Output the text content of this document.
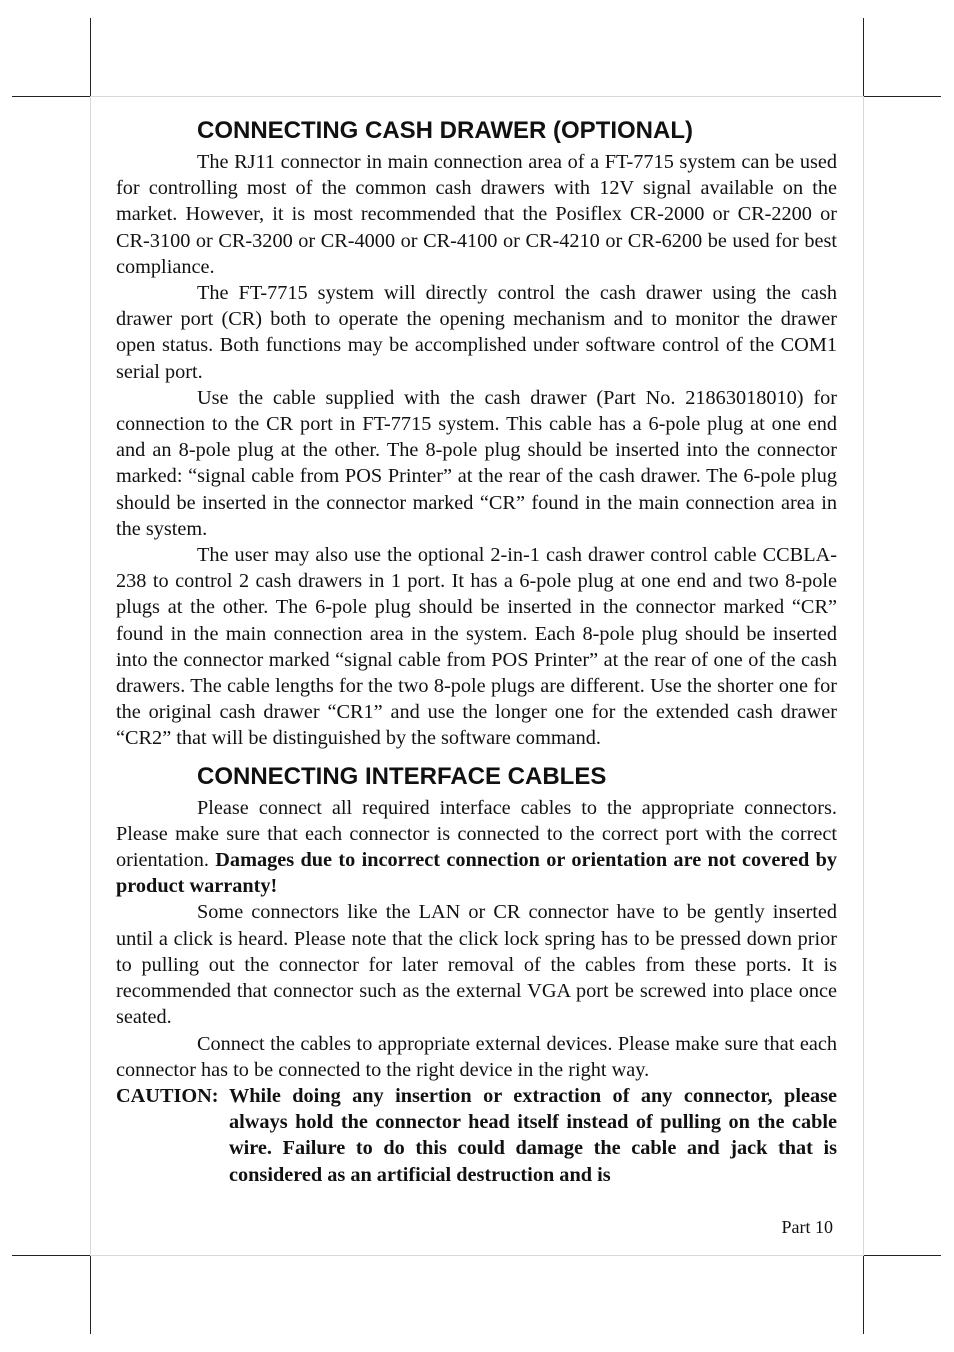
CONNECTING CASH DRAWER (OPTIONAL)

The RJ11 connector in main connection area of a FT-7715 system can be used for controlling most of the common cash drawers with 12V signal available on the market. However, it is most recommended that the Posiflex CR-2000 or CR-2200 or CR-3100 or CR-3200 or CR-4000 or CR-4100 or CR-4210 or CR-6200 be used for best compliance.

The FT-7715 system will directly control the cash drawer using the cash drawer port (CR) both to operate the opening mechanism and to monitor the drawer open status. Both functions may be accomplished under software control of the COM1 serial port.

Use the cable supplied with the cash drawer (Part No. 21863018010) for connection to the CR port in FT-7715 system. This cable has a 6-pole plug at one end and an 8-pole plug at the other. The 8-pole plug should be inserted into the connector marked: “signal cable from POS Printer” at the rear of the cash drawer. The 6-pole plug should be inserted in the connector marked “CR” found in the main connection area in the system.

The user may also use the optional 2-in-1 cash drawer control cable CCBLA-238 to control 2 cash drawers in 1 port. It has a 6-pole plug at one end and two 8-pole plugs at the other. The 6-pole plug should be inserted in the connector marked “CR” found in the main connection area in the system. Each 8-pole plug should be inserted into the connector marked “signal cable from POS Printer” at the rear of one of the cash drawers. The cable lengths for the two 8-pole plugs are different. Use the shorter one for the original cash drawer “CR1” and use the longer one for the extended cash drawer “CR2” that will be distinguished by the software command.

CONNECTING INTERFACE CABLES

Please connect all required interface cables to the appropriate connectors. Please make sure that each connector is connected to the correct port with the correct orientation. Damages due to incorrect connection or orientation are not covered by product warranty!

Some connectors like the LAN or CR connector have to be gently inserted until a click is heard. Please note that the click lock spring has to be pressed down prior to pulling out the connector for later removal of the cables from these ports. It is recommended that connector such as the external VGA port be screwed into place once seated.

Connect the cables to appropriate external devices. Please make sure that each connector has to be connected to the right device in the right way.

CAUTION: While doing any insertion or extraction of any connector, please always hold the connector head itself instead of pulling on the cable wire. Failure to do this could damage the cable and jack that is considered as an artificial destruction and is
Part 10
